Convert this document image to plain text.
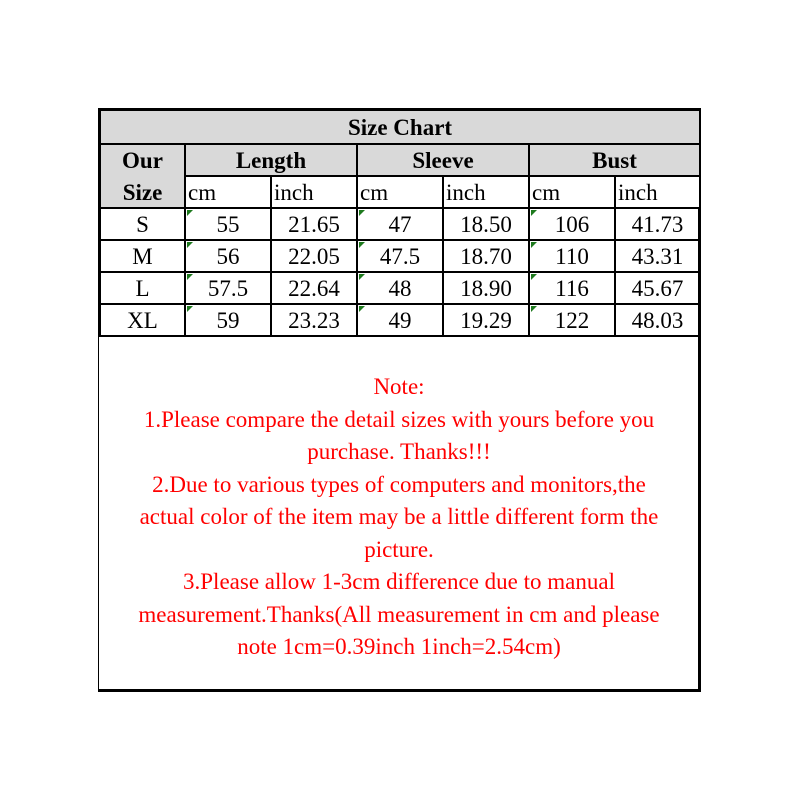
Size Chart						

Our
Size	Length		Sleeve		Bust	
	cm	inch	cm	inch	cm	inch
S	55	21.65	47	18.50	106	41.73
M	56	22.05	47.5	18.70	110	43.31
L	57.5	22.64	48	18.90	116	45.67
XL	59	23.23	49	19.29	122	48.03
Note:
1.Please compare the detail sizes with yours before you
purchase. Thanks!!!
2.Due to various types of computers and monitors,the
actual color of the item may be a little different form the
picture.
3.Please allow 1-3cm difference due to manual
measurement.Thanks(All measurement in cm and please
note 1cm=0.39inch 1inch=2.54cm)
